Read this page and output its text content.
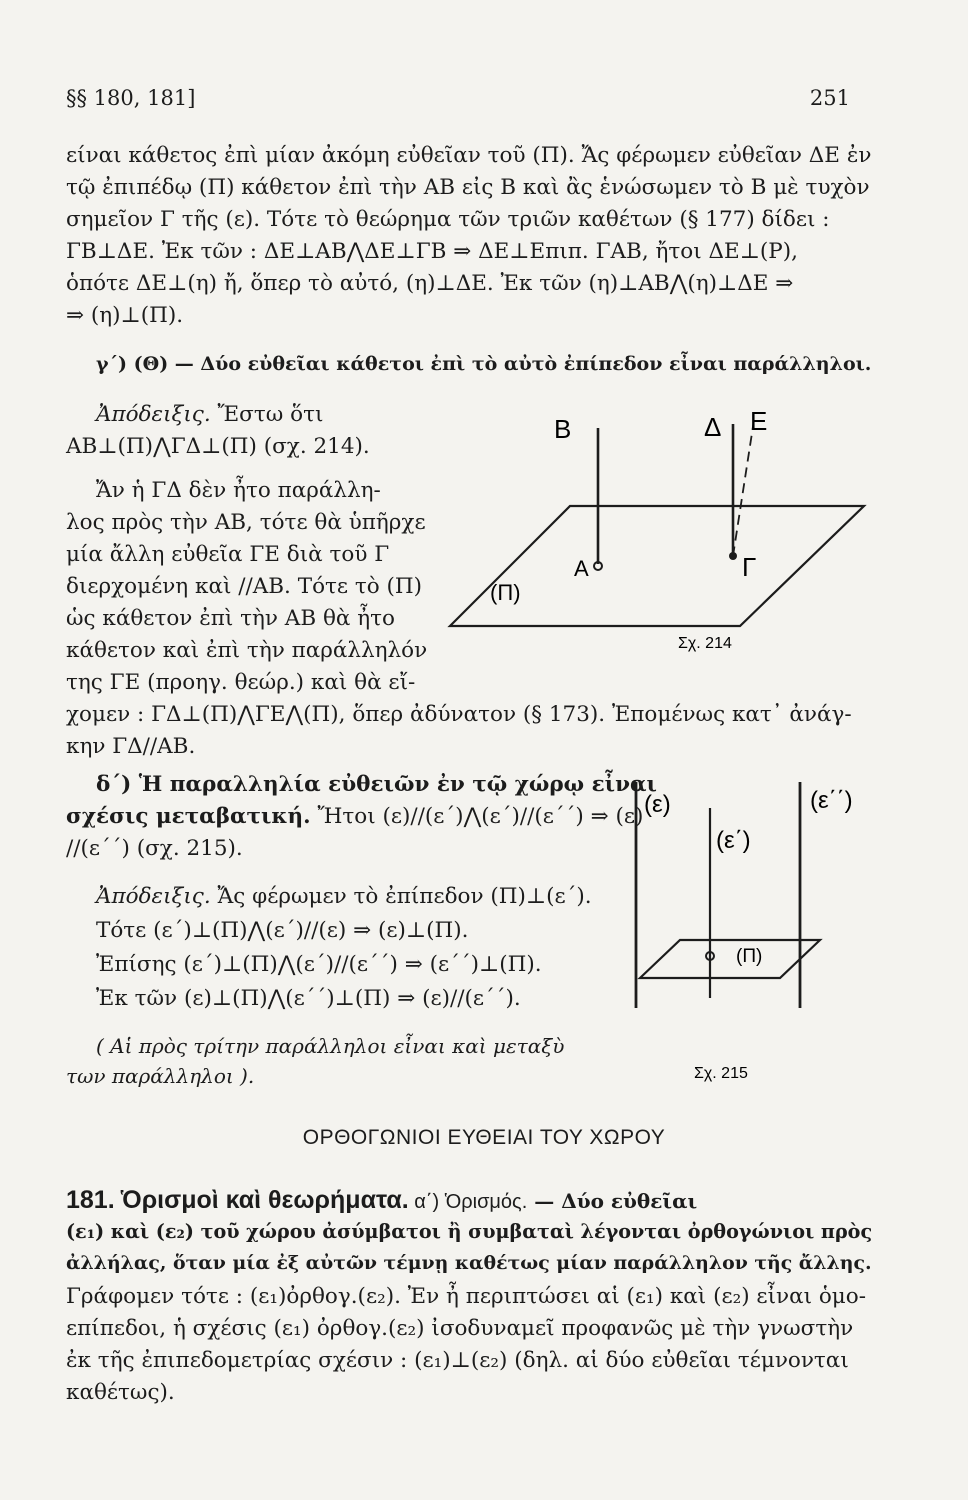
§§ 180, 181]	251
είναι κάθετος ἐπὶ μίαν ἀκόμη εὐθεῖαν τοῦ (Π). Ἄς φέρωμεν εὐθεῖαν ΔΕ ἐν
τῷ ἐπιπέδῳ (Π) κάθετον ἐπὶ τὴν ΑΒ εἰς Β καὶ ἂς ἑνώσωμεν τὸ Β μὲ τυχὸν
σημεῖον Γ τῆς (ε). Τότε τὸ θεώρημα τῶν τριῶν καθέτων (§ 177) δίδει :
ΓΒ⊥ΔΕ. Ἐκ τῶν : ΔΕ⊥ΑΒ⋀ΔΕ⊥ΓΒ ⇒ ΔΕ⊥Επιπ. ΓΑΒ, ἤτοι ΔΕ⊥(Ρ),
ὁπότε ΔΕ⊥(η) ἤ, ὅπερ τὸ αὐτό, (η)⊥ΔΕ. Ἐκ τῶν (η)⊥ΑΒ⋀(η)⊥ΔΕ ⇒
⇒ (η)⊥(Π).
γ΄) (Θ) — Δύο εὐθεῖαι κάθετοι ἐπὶ τὸ αὐτὸ ἐπίπεδον εἶναι παράλληλοι.
Ἀπόδειξις. Ἔστω ὅτι
ΑΒ⊥(Π)⋀ΓΔ⊥(Π) (σχ. 214).
Ἄν ἡ ΓΔ δὲν ἦτο παράλλη-
λος πρὸς τὴν ΑΒ, τότε θὰ ὑπῆρχε
μία ἄλλη εὐθεῖα ΓΕ διὰ τοῦ Γ
διερχομένη καὶ //ΑΒ. Τότε τὸ (Π)
ὡς κάθετον ἐπὶ τὴν ΑΒ θὰ ἦτο
κάθετον καὶ ἐπὶ τὴν παράλληλόν
της ΓΕ (προηγ. θεώρ.) καὶ θὰ εἴ-
χομεν : ΓΔ⊥(Π)⋀ΓΕ⋀(Π), ὅπερ ἀδύνατον (§ 173). Ἐπομένως κατ᾽ ἀνάγ-
κην ΓΔ//ΑΒ.
Β	Δ Ε
Α	Γ
(Π)
Σχ. 214
δ΄) Ἡ παραλληλία εὐθειῶν ἐν τῷ χώρῳ εἶναι
σχέσις μεταβατική. Ἤτοι (ε)//(ε΄)⋀(ε΄)//(ε΄΄) ⇒ (ε)
//(ε΄΄) (σχ. 215).
Ἀπόδειξις. Ἄς φέρωμεν τὸ ἐπίπεδον (Π)⊥(ε΄).
Τότε (ε΄)⊥(Π)⋀(ε΄)//(ε) ⇒ (ε)⊥(Π).
Ἐπίσης (ε΄)⊥(Π)⋀(ε΄)//(ε΄΄) ⇒ (ε΄΄)⊥(Π).
Ἐκ τῶν (ε)⊥(Π)⋀(ε΄΄)⊥(Π) ⇒ (ε)//(ε΄΄).
( Αἱ πρὸς τρίτην παράλληλοι εἶναι καὶ μεταξὺ
των παράλληλοι ).
(ε)	(ε΄΄)
(ε΄)
(Π)
Σχ. 215
ΟΡΘΟΓΩΝΙΟΙ ΕΥΘΕΙΑΙ ΤΟΥ ΧΩΡΟΥ
181. Ὁρισμοὶ καὶ θεωρήματα. α΄) Ὁρισμός. — Δύο εὐθεῖαι
(ε₁) καὶ (ε₂) τοῦ χώρου ἀσύμβατοι ἢ συμβαταὶ λέγονται ὀρθογώνιοι πρὸς
ἀλλήλας, ὅταν μία ἐξ αὐτῶν τέμνῃ καθέτως μίαν παράλληλον τῆς ἄλλης.
Γράφομεν τότε : (ε₁)ὀρθογ.(ε₂). Ἐν ἦ περιπτώσει αἱ (ε₁) καὶ (ε₂) εἶναι ὁμο-
επίπεδοι, ἡ σχέσις (ε₁) ὀρθογ.(ε₂) ἰσοδυναμεῖ προφανῶς μὲ τὴν γνωστὴν
ἐκ τῆς ἐπιπεδομετρίας σχέσιν : (ε₁)⊥(ε₂) (δηλ. αἱ δύο εὐθεῖαι τέμνονται
καθέτως).
